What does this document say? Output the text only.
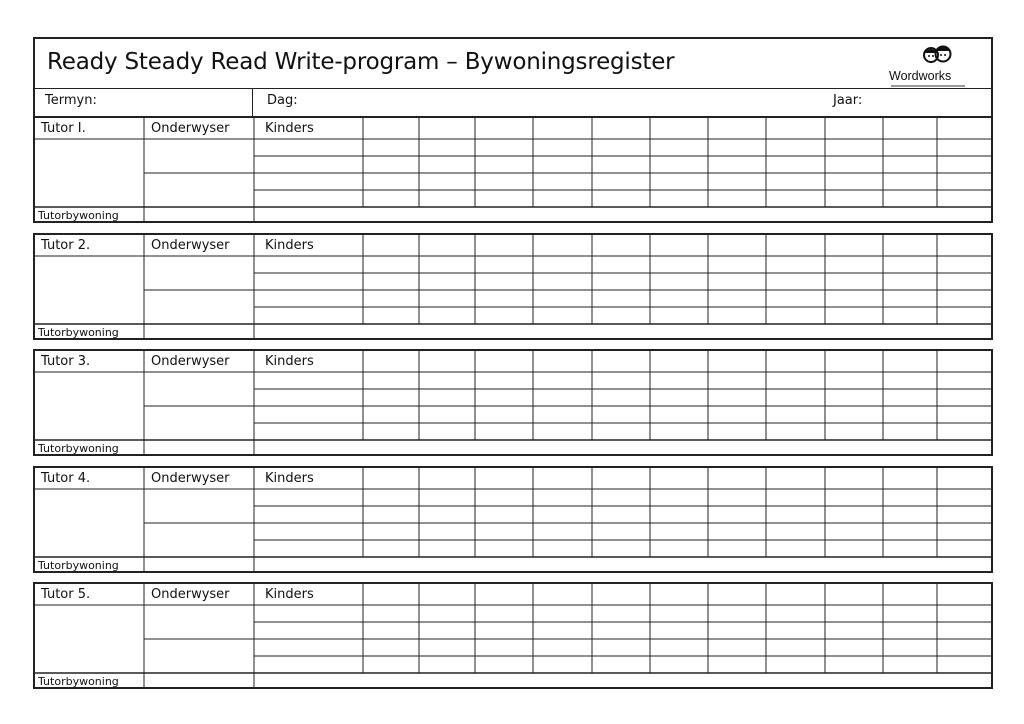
Ready Steady Read Write-program – Bywoningsregister
Wordworks
Termyn:	Dag:	Jaar:
Tutor I.	Onderwyser	Kinders
Tutorbywoning
Tutor 2.	Onderwyser	Kinders
Tutorbywoning
Tutor 3.	Onderwyser	Kinders
Tutorbywoning
Tutor 4.	Onderwyser	Kinders
Tutorbywoning
Tutor 5.	Onderwyser	Kinders
Tutorbywoning
